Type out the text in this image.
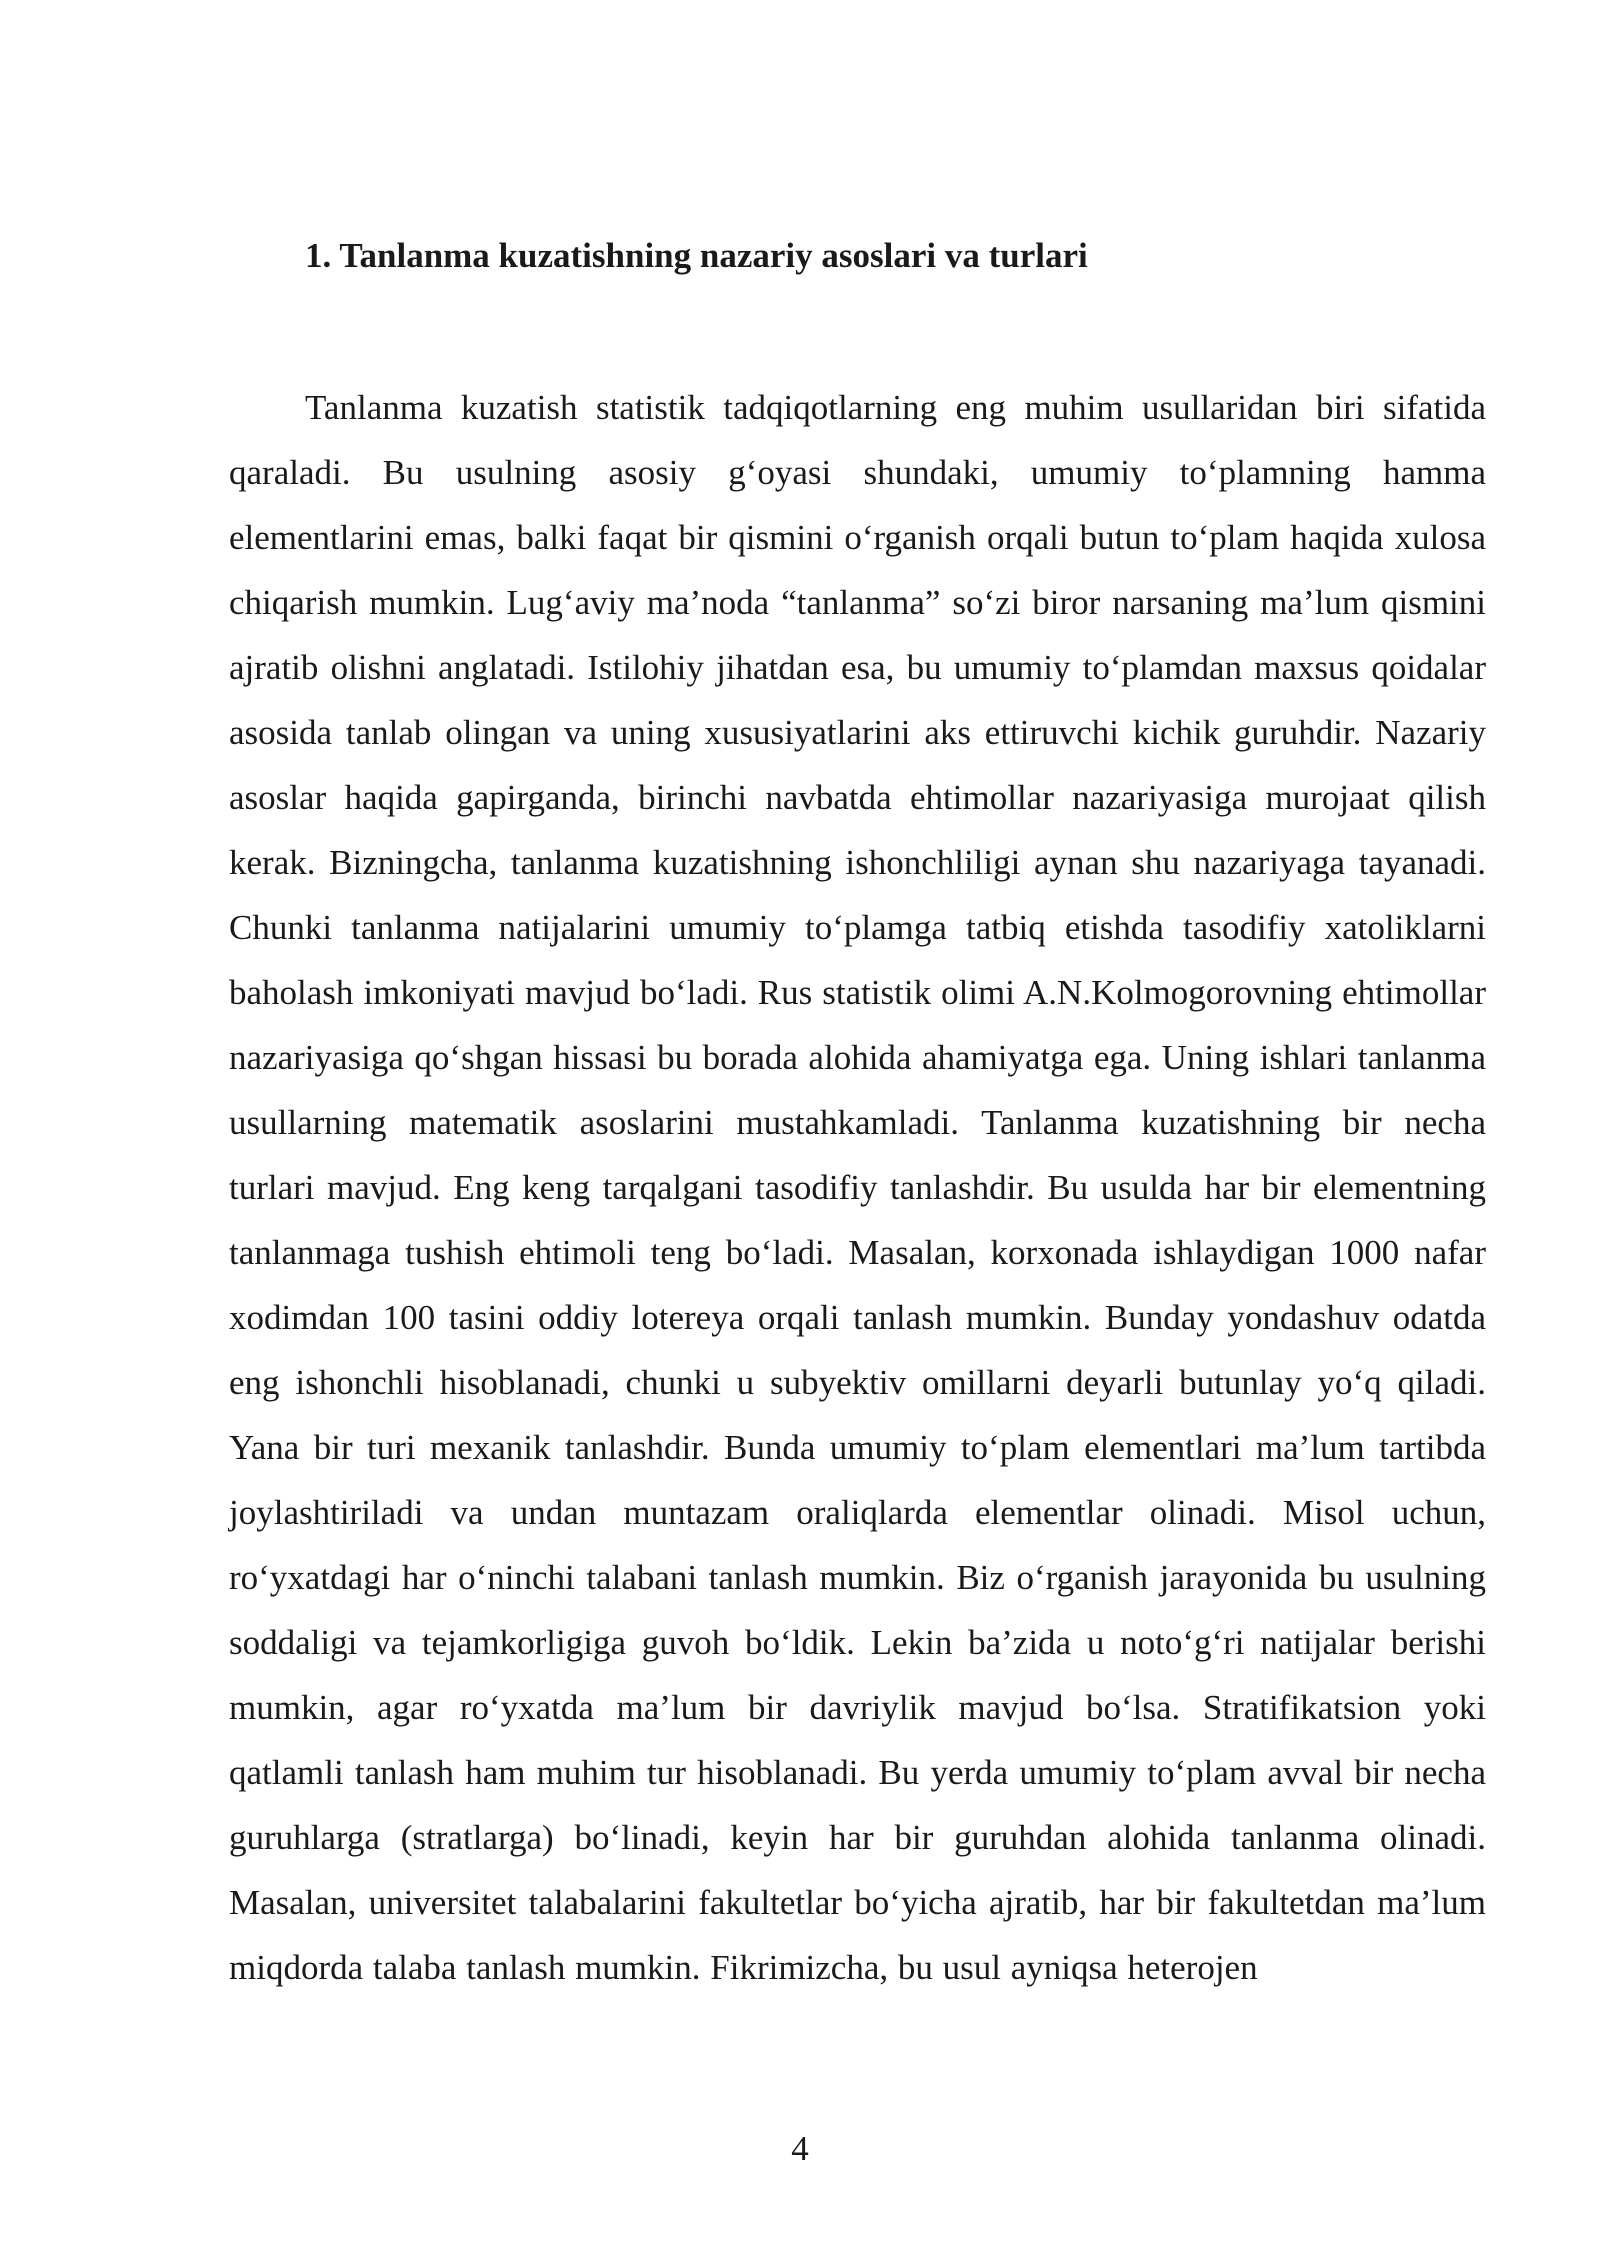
1. Tanlanma kuzatishning nazariy asoslari va turlari

Tanlanma kuzatish statistik tadqiqotlarning eng muhim usullaridan biri sifatida qaraladi. Bu usulning asosiy g‘oyasi shundaki, umumiy to‘plamning hamma elementlarini emas, balki faqat bir qismini o‘rganish orqali butun to‘plam haqida xulosa chiqarish mumkin. Lug‘aviy ma’noda “tanlanma” so‘zi biror narsaning ma’lum qismini ajratib olishni anglatadi. Istilohiy jihatdan esa, bu umumiy to‘plamdan maxsus qoidalar asosida tanlab olingan va uning xususiyatlarini aks ettiruvchi kichik guruhdir. Nazariy asoslar haqida gapirganda, birinchi navbatda ehtimollar nazariyasiga murojaat qilish kerak. Bizningcha, tanlanma kuzatishning ishonchliligi aynan shu nazariyaga tayanadi. Chunki tanlanma natijalarini umumiy to‘plamga tatbiq etishda tasodifiy xatoliklarni baholash imkoniyati mavjud bo‘ladi. Rus statistik olimi A.N.Kolmogorovning ehtimollar nazariyasiga qo‘shgan hissasi bu borada alohida ahamiyatga ega. Uning ishlari tanlanma usullarning matematik asoslarini mustahkamladi. Tanlanma kuzatishning bir necha turlari mavjud. Eng keng tarqalgani tasodifiy tanlashdir. Bu usulda har bir elementning tanlanmaga tushish ehtimoli teng bo‘ladi. Masalan, korxonada ishlaydigan 1000 nafar xodimdan 100 tasini oddiy lotereya orqali tanlash mumkin. Bunday yondashuv odatda eng ishonchli hisoblanadi, chunki u subyektiv omillarni deyarli butunlay yo‘q qiladi. Yana bir turi mexanik tanlashdir. Bunda umumiy to‘plam elementlari ma’lum tartibda joylashtiriladi va undan muntazam oraliqlarda elementlar olinadi. Misol uchun, ro‘yxatdagi har o‘ninchi talabani tanlash mumkin. Biz o‘rganish jarayonida bu usulning soddaligi va tejamkorligiga guvoh bo‘ldik. Lekin ba’zida u noto‘g‘ri natijalar berishi mumkin, agar ro‘yxatda ma’lum bir davriylik mavjud bo‘lsa. Stratifikatsion yoki qatlamli tanlash ham muhim tur hisoblanadi. Bu yerda umumiy to‘plam avval bir necha guruhlarga (stratlarga) bo‘linadi, keyin har bir guruhdan alohida tanlanma olinadi. Masalan, universitet talabalarini fakultetlar bo‘yicha ajratib, har bir fakultetdan ma’lum miqdorda talaba tanlash mumkin. Fikrimizcha, bu usul ayniqsa heterojen

4
